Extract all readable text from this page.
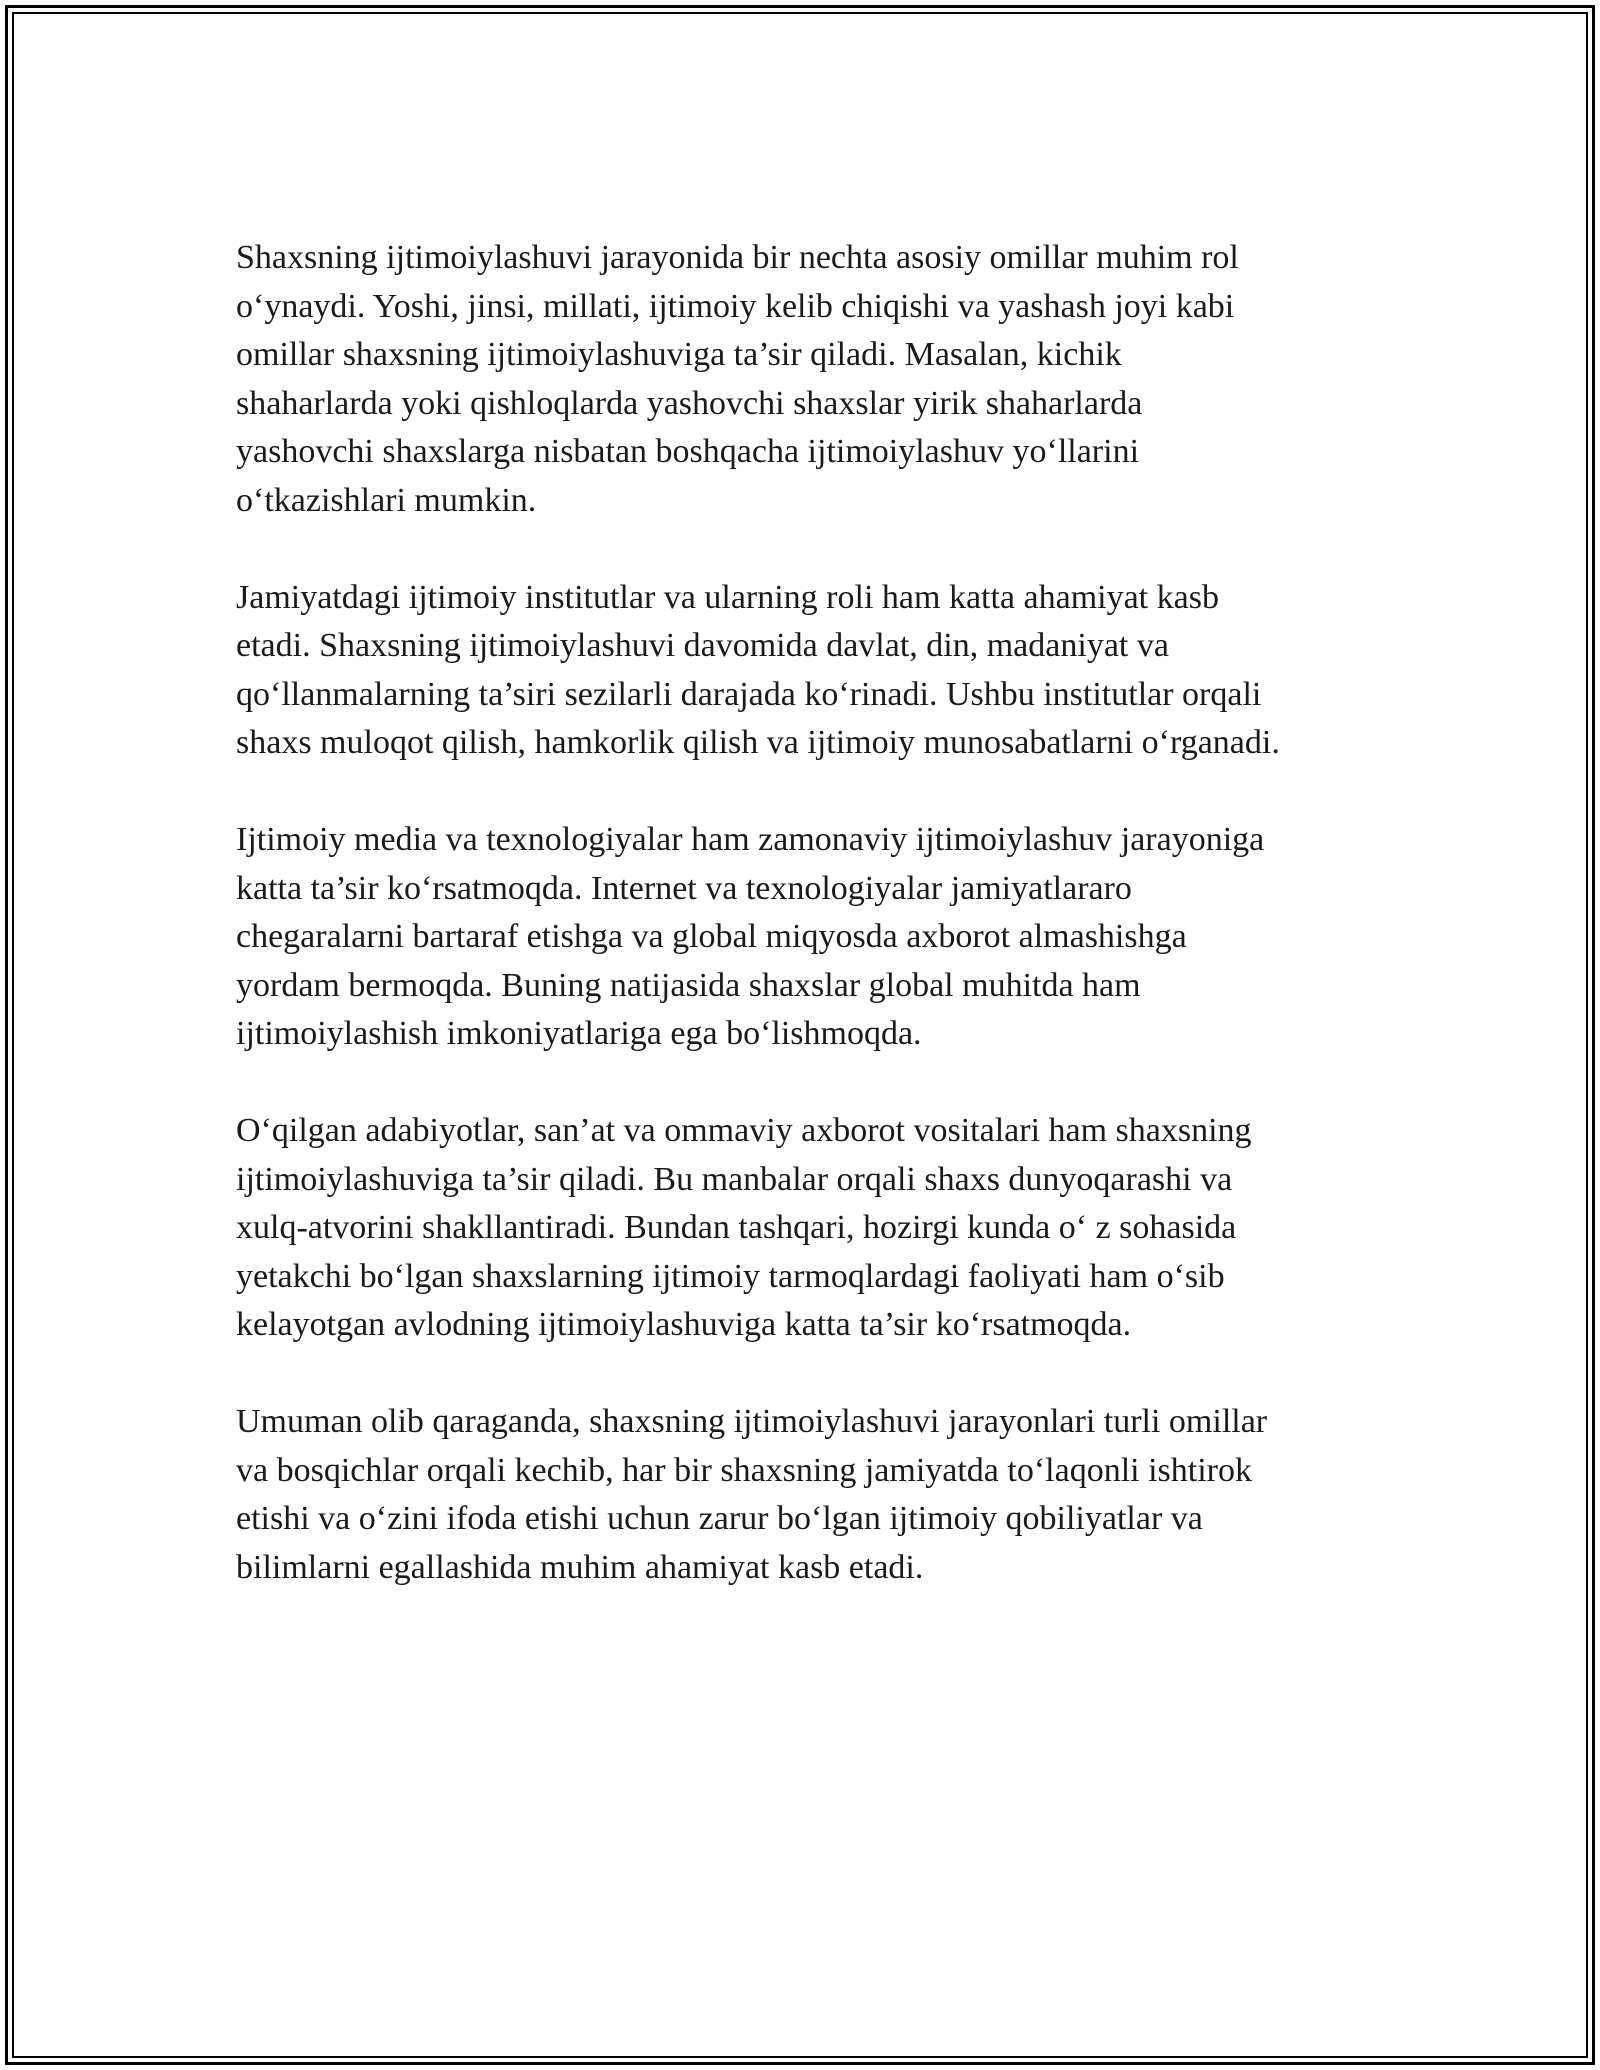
Shaxsning ijtimoiylashuvi jarayonida bir nechta asosiy omillar muhim rol
o‘ynaydi. Yoshi, jinsi, millati, ijtimoiy kelib chiqishi va yashash joyi kabi
omillar shaxsning ijtimoiylashuviga ta’sir qiladi. Masalan, kichik
shaharlarda yoki qishloqlarda yashovchi shaxslar yirik shaharlarda
yashovchi shaxslarga nisbatan boshqacha ijtimoiylashuv yo‘llarini
o‘tkazishlari mumkin.

Jamiyatdagi ijtimoiy institutlar va ularning roli ham katta ahamiyat kasb
etadi. Shaxsning ijtimoiylashuvi davomida davlat, din, madaniyat va
qo‘llanmalarning ta’siri sezilarli darajada ko‘rinadi. Ushbu institutlar orqali
shaxs muloqot qilish, hamkorlik qilish va ijtimoiy munosabatlarni o‘rganadi.

Ijtimoiy media va texnologiyalar ham zamonaviy ijtimoiylashuv jarayoniga
katta ta’sir ko‘rsatmoqda. Internet va texnologiyalar jamiyatlararo
chegaralarni bartaraf etishga va global miqyosda axborot almashishga
yordam bermoqda. Buning natijasida shaxslar global muhitda ham
ijtimoiylashish imkoniyatlariga ega bo‘lishmoqda.

O‘qilgan adabiyotlar, san’at va ommaviy axborot vositalari ham shaxsning
ijtimoiylashuviga ta’sir qiladi. Bu manbalar orqali shaxs dunyoqarashi va
xulq-atvorini shakllantiradi. Bundan tashqari, hozirgi kunda o‘ z sohasida
yetakchi bo‘lgan shaxslarning ijtimoiy tarmoqlardagi faoliyati ham o‘sib
kelayotgan avlodning ijtimoiylashuviga katta ta’sir ko‘rsatmoqda.

Umuman olib qaraganda, shaxsning ijtimoiylashuvi jarayonlari turli omillar
va bosqichlar orqali kechib, har bir shaxsning jamiyatda to‘laqonli ishtirok
etishi va o‘zini ifoda etishi uchun zarur bo‘lgan ijtimoiy qobiliyatlar va
bilimlarni egallashida muhim ahamiyat kasb etadi.
